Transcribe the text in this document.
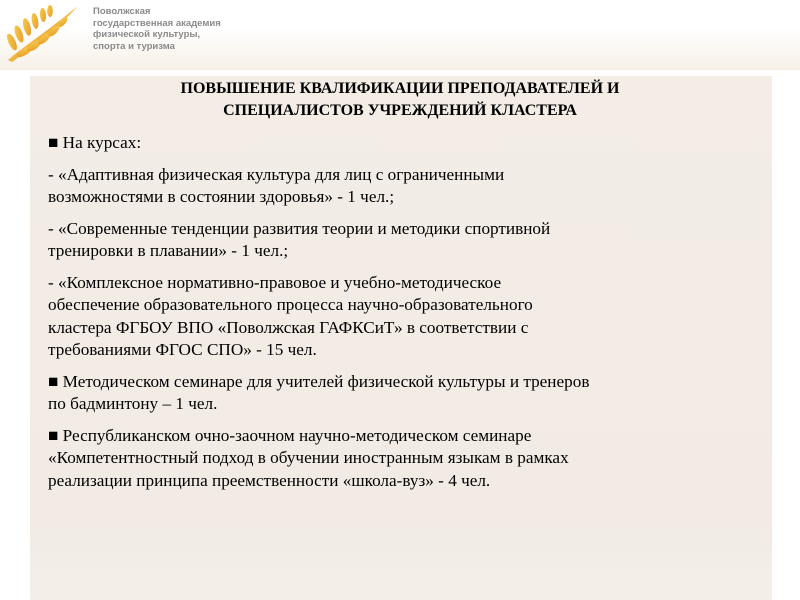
Поволжская
государственная академия
физической культуры,
спорта и туризма
ПОВЫШЕНИЕ КВАЛИФИКАЦИИ ПРЕПОДАВАТЕЛЕЙ И
СПЕЦИАЛИСТОВ УЧРЕЖДЕНИЙ КЛАСТЕРА
■ На курсах:
- «Адаптивная физическая культура для лиц с ограниченными
возможностями в состоянии здоровья» - 1 чел.;
- «Современные тенденции развития теории и методики спортивной
тренировки в плавании» - 1 чел.;
- «Комплексное нормативно-правовое и учебно-методическое
обеспечение образовательного процесса научно-образовательного
кластера ФГБОУ ВПО «Поволжская ГАФКСиТ» в соответствии с
требованиями ФГОС СПО» - 15 чел.
■ Методическом семинаре для учителей физической культуры и тренеров
по бадминтону – 1 чел.
■ Республиканском очно-заочном научно-методическом семинаре
«Компетентностный подход в обучении иностранным языкам в рамках
реализации принципа преемственности «школа-вуз» - 4 чел.
